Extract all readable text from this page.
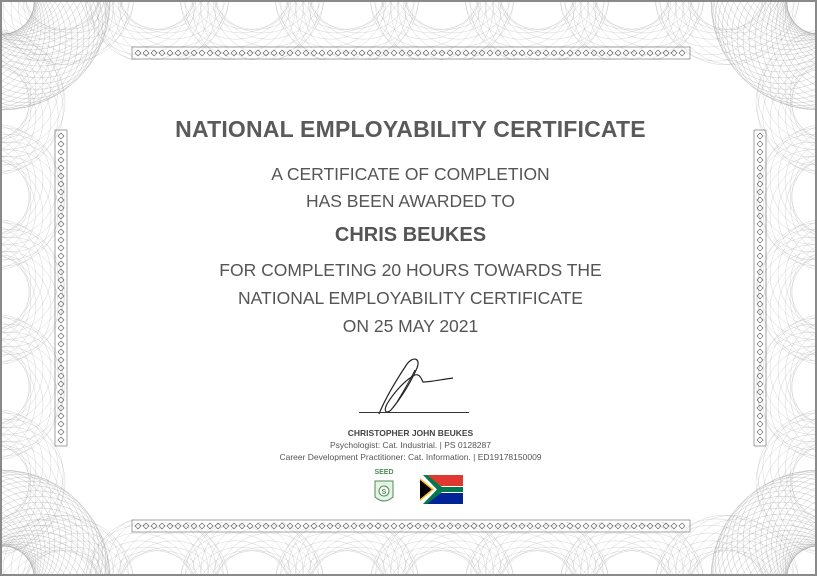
NATIONAL EMPLOYABILITY CERTIFICATE
A CERTIFICATE OF COMPLETION
HAS BEEN AWARDED TO
CHRIS BEUKES
FOR COMPLETING 20 HOURS TOWARDS THE
NATIONAL EMPLOYABILITY CERTIFICATE
ON 25 MAY 2021
CHRISTOPHER JOHN BEUKES
Psychologist: Cat. Industrial. | PS 0128287
Career Development Practitioner: Cat. Information. | ED19178150009
S
SEED
